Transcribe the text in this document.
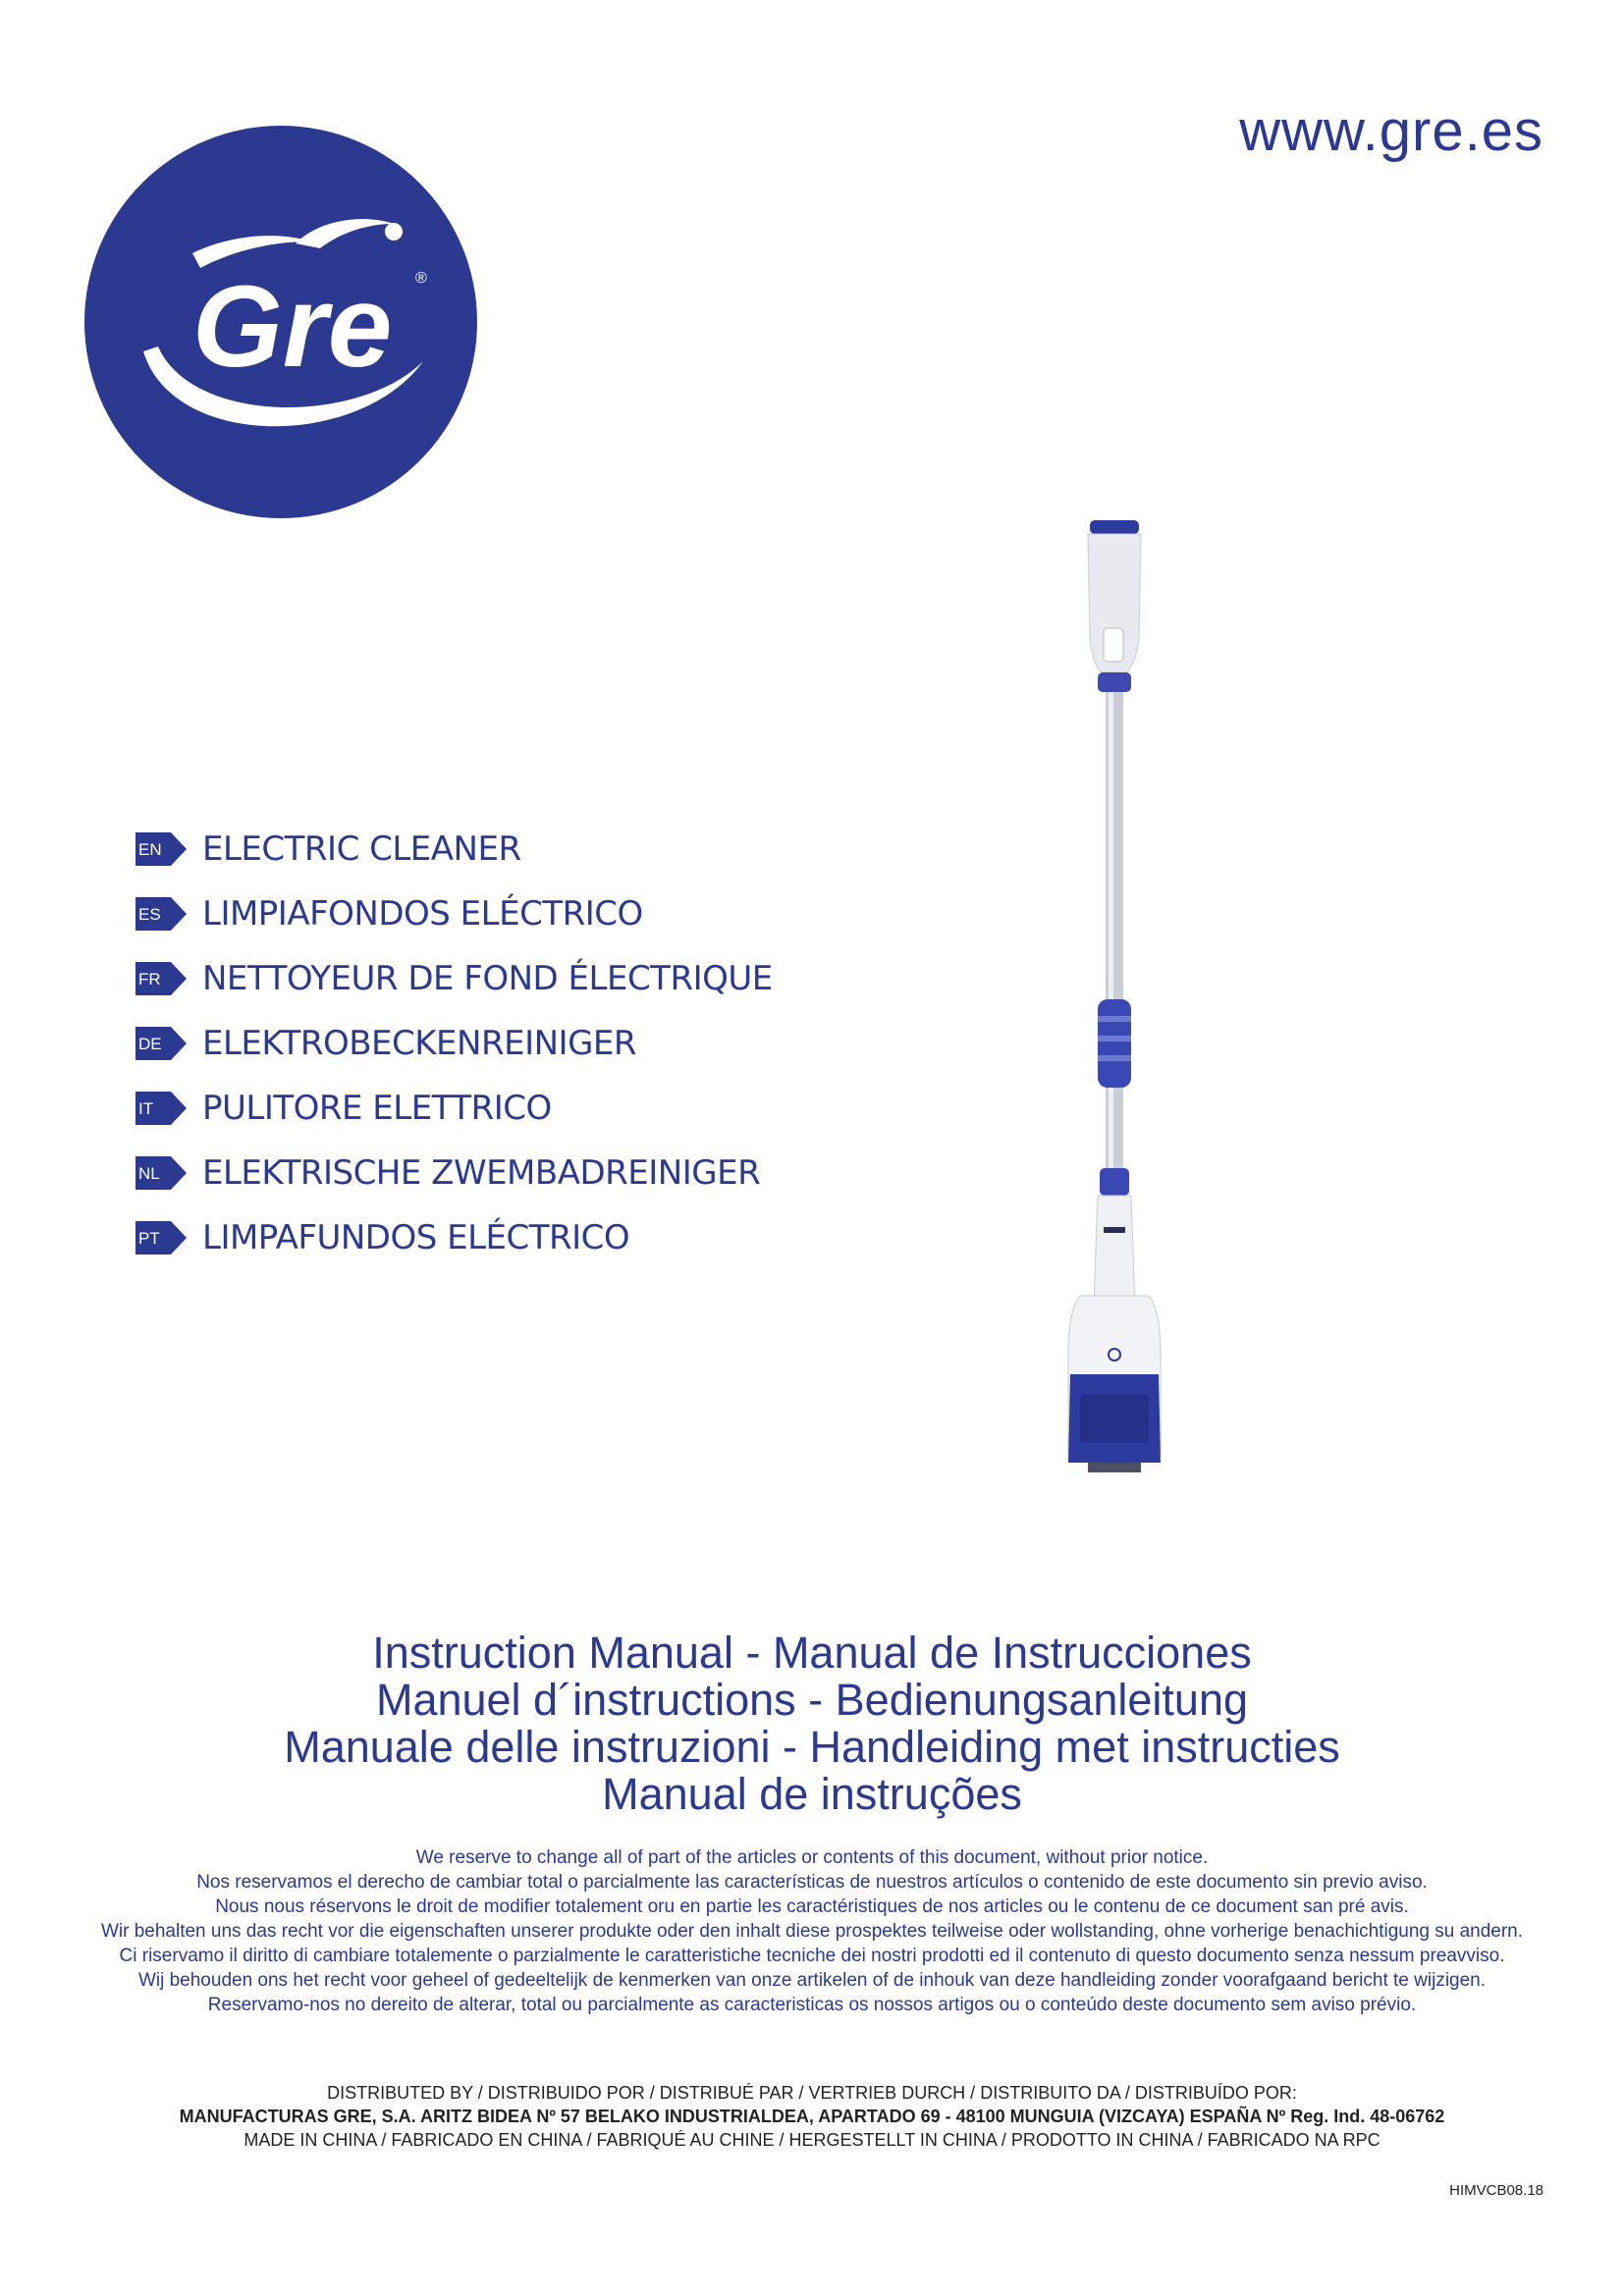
www.gre.es
Gre ®
EN ELECTRIC CLEANER
ES LIMPIAFONDOS ELÉCTRICO
FR NETTOYEUR DE FOND ÉLECTRIQUE
DE ELEKTROBECKENREINIGER
IT PULITORE ELETTRICO
NL ELEKTRISCHE ZWEMBADREINIGER
PT LIMPAFUNDOS ELÉCTRICO
Instruction Manual - Manual de Instrucciones
Manuel d´instructions - Bedienungsanleitung
Manuale delle instruzioni - Handleiding met instructies
Manual de instruções
We reserve to change all of part of the articles or contents of this document, without prior notice.
Nos reservamos el derecho de cambiar total o parcialmente las características de nuestros artículos o contenido de este documento sin previo aviso.
Nous nous réservons le droit de modifier totalement oru en partie les caractéristiques de nos articles ou le contenu de ce document san pré avis.
Wir behalten uns das recht vor die eigenschaften unserer produkte oder den inhalt diese prospektes teilweise oder wollstanding, ohne vorherige benachichtigung su andern.
Ci riservamo il diritto di cambiare totalemente o parzialmente le caratteristiche tecniche dei nostri prodotti ed il contenuto di questo documento senza nessum preavviso.
Wij behouden ons het recht voor geheel of gedeeltelijk de kenmerken van onze artikelen of de inhouk van deze handleiding zonder voorafgaand bericht te wijzigen.
Reservamo-nos no dereito de alterar, total ou parcialmente as caracteristicas os nossos artigos ou o conteúdo deste documento sem aviso prévio.
DISTRIBUTED BY / DISTRIBUIDO POR / DISTRIBUÉ PAR / VERTRIEB DURCH / DISTRIBUITO DA / DISTRIBUÍDO POR:
MANUFACTURAS GRE, S.A. ARITZ BIDEA Nº 57 BELAKO INDUSTRIALDEA, APARTADO 69 - 48100 MUNGUIA (VIZCAYA) ESPAÑA Nº Reg. Ind. 48-06762
MADE IN CHINA / FABRICADO EN CHINA / FABRIQUÉ AU CHINE / HERGESTELLT IN CHINA / PRODOTTO IN CHINA / FABRICADO NA RPC
HIMVCB08.18
